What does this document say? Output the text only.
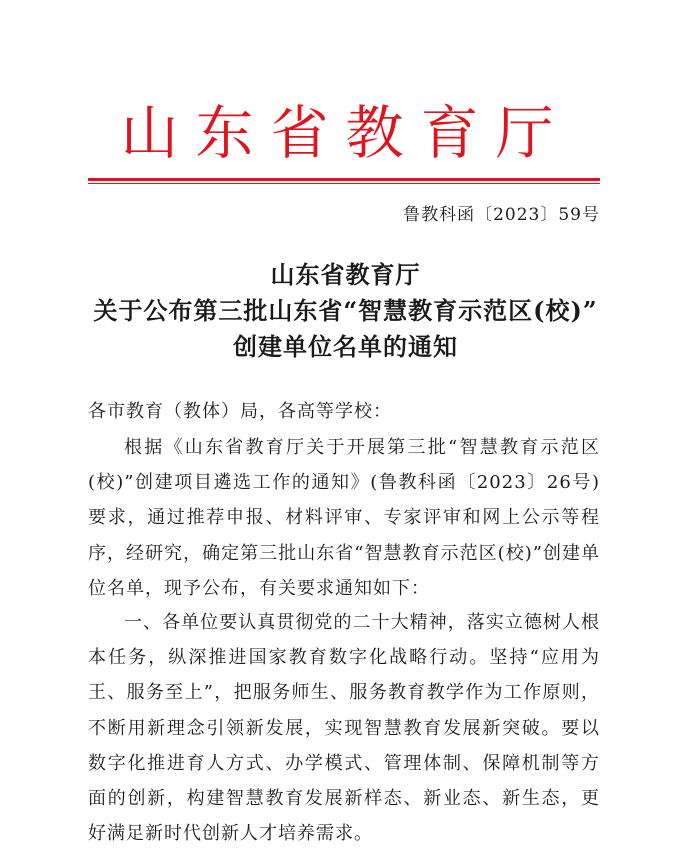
山东省教育厅
鲁教科函〔2023〕59号
山东省教育厅
关于公布第三批山东省“智慧教育示范区(校)”
创建单位名单的通知
各市教育（教体）局，各高等学校：
根据《山东省教育厅关于开展第三批“智慧教育示范区(校)”创建项目遴选工作的通知》(鲁教科函〔2023〕26号)要求，通过推荐申报、材料评审、专家评审和网上公示等程序，经研究，确定第三批山东省“智慧教育示范区(校)”创建单位名单，现予公布，有关要求通知如下：
一、各单位要认真贯彻党的二十大精神，落实立德树人根本任务，纵深推进国家教育数字化战略行动。坚持“应用为王、服务至上”，把服务师生、服务教育教学作为工作原则，不断用新理念引领新发展，实现智慧教育发展新突破。要以数字化推进育人方式、办学模式、管理体制、保障机制等方面的创新，构建智慧教育发展新样态、新业态、新生态，更好满足新时代创新人才培养需求。
